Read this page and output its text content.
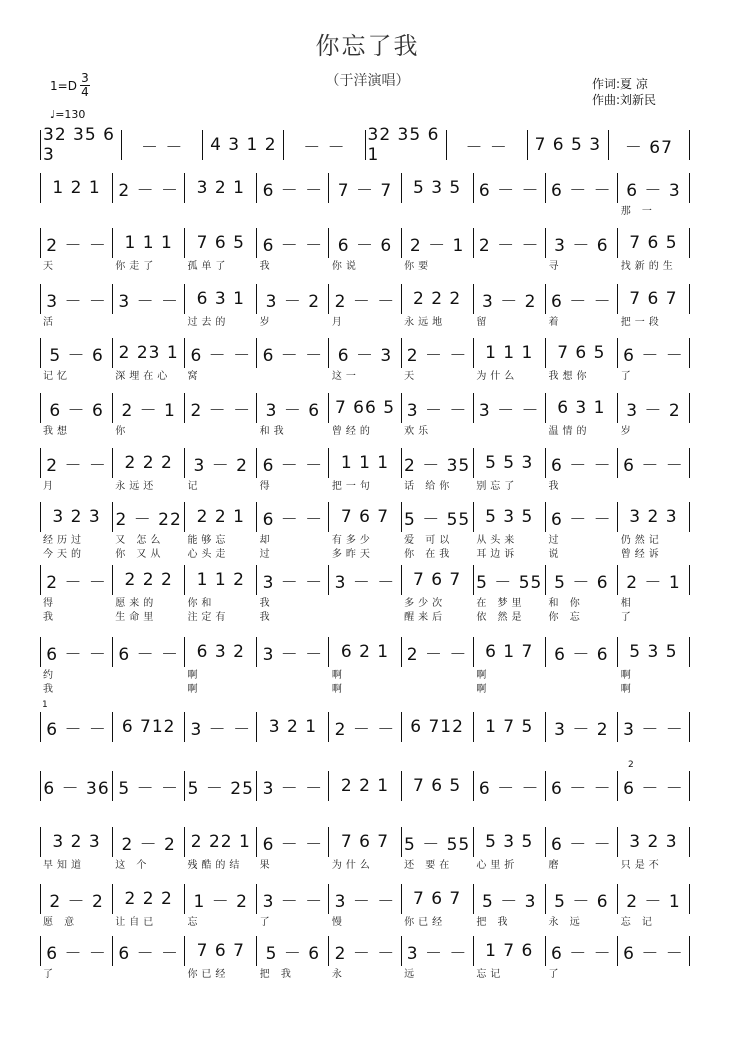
你忘了我
（于洋演唱）
1=D
3
4
♩=130
作词:夏 凉
作曲:刘新民
32 35 6 3	－ －	4 3 1 2	－ －
32 35 6 1	－ －	7 6 5 3	－ 67
1 2 1	2 － －	3 2 1	6 － － 7 － 7	5 3 5	6 － － 6 － － 6 － 3
那 一
2 － －	1 1 1	7 6 5	6 － － 6 － 6	2 － 1 2 － － 3 － 6	7 6 5
天	你走了	孤单了	我	你说	你要	寻	找新的生
3 － － 3 － －	6 3 1	3 － 2 2 － －	2 2 2	3 － 2 6 － －	7 6 7
活	过去的	岁	月	永远地	留	着	把一段
5 － 6 2 23 1 6 － － 6 － － 6 － 3 2 － －	1 1 1	7 6 5	6 － －
记忆	深埋在心	窝	这一	天	为什么	我想你	了
6 － 6	2 － 1 2 － － 3 － 6 7 66 5 3 － － 3 － －	6 3 1	3 － 2
我想	你	和我	曾经的	欢乐	温情的	岁
2 － －	2 2 2	3 － 2 6 － －	1 1 1 2 － 35 5 5 3	6 － － 6 － －
月	永远还	记	得	把一句	话 给你	别忘了	我
3 2 3 2 － 22 2 2 1	6 － －	7 6 7 5 － 55 5 3 5	6 － －	3 2 3
经历过	又 怎么	能够忘	却	有多少	爱 可以	从头来	过	仍然记
今天的	你 又从	心头走	过	多昨天	你 在我	耳边诉	说	曾经诉
2 － －	2 2 2	1 1 2	3 － － 3 － －	7 6 7 5 － 55 5 － 6	2 － 1
得	愿来的	你和	我	多少次	在 梦里	和 你	相
我	生命里	注定有	我	醒来后	依 然是	你 忘	了
6 － － 6 － －	6 3 2	3 － －	6 2 1	2 － －	6 1 7	6 － 6	5 3 5
约	啊	啊	啊	啊
我	啊	啊	啊	啊
6 － － 6 712 3 － －	3 2 1	2 － － 6 712	1 7 5	3 － 2 3 － －
6 － 36 5 － － 5 － 25 3 － －	2 2 1	7 6 5	6 － － 6 － － 6 － －
3 2 3	2 － 2 2 22 1 6 － －	7 6 7 5 － 55 5 3 5	6 － －	3 2 3
早知道	这 个	残酷的结	果	为什么	还 要在	心里折	磨	只是不
2 － 2	2 2 2	1 － 2 3 － － 3 － －	7 6 7	5 － 3	5 － 6	2 － 1
愿 意	让自已	忘	了	慢	你已经	把 我	永 远	忘 记
6 － － 6 － －	7 6 7	5 － 6 2 － － 3 － －	1 7 6	6 － － 6 － －
了	你已经	把 我	永	远	忘记	了
1
2
